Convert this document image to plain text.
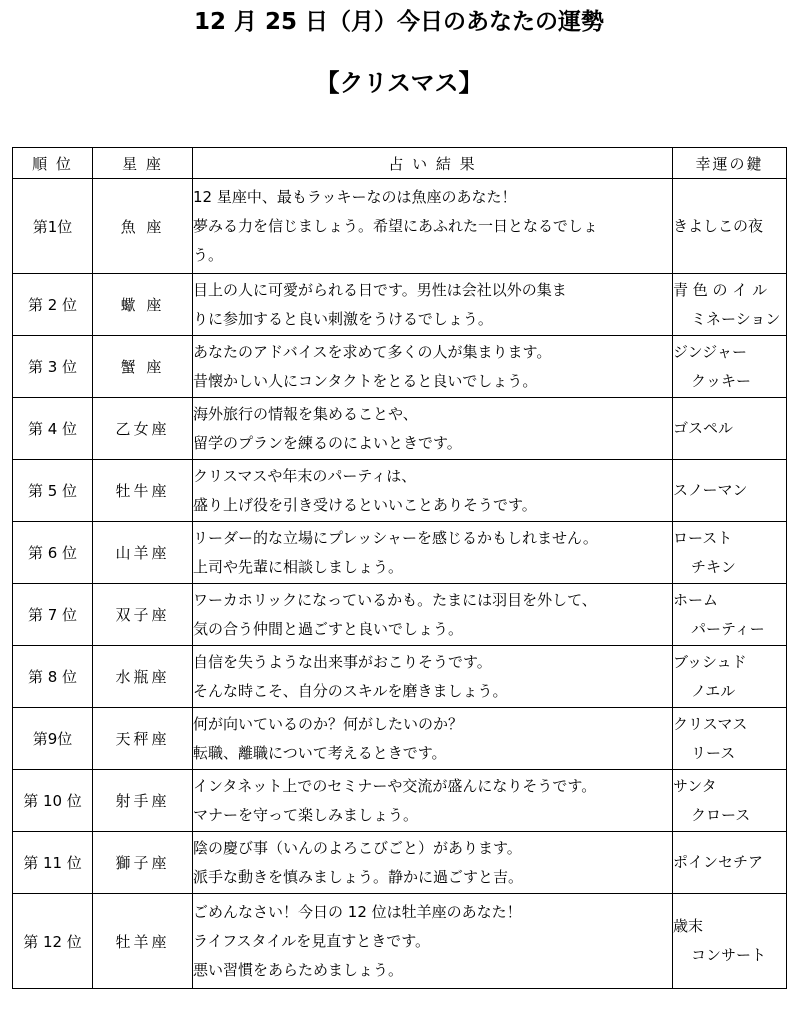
12 月 25 日（月）今日のあなたの運勢
【クリスマス】
順 位	星 座	占 い 結 果	幸運の鍵
第1位	魚 座	12 星座中、最もラッキーなのは魚座のあなた！
夢みる力を信じましょう。希望にあふれた一日となるでしょ
う。	きよしこの夜

第 2 位	蠍 座	目上の人に可愛がられる日です。男性は会社以外の集ま
りに参加すると良い刺激をうけるでしょう。	青 色 の イ ル
ミネーション

第 3 位	蟹 座	あなたのアドバイスを求めて多くの人が集まります。
昔懐かしい人にコンタクトをとると良いでしょう。	ジンジャー
クッキー

第 4 位	乙女座	海外旅行の情報を集めることや、
留学のプランを練るのによいときです。	ゴスペル

第 5 位	牡牛座	クリスマスや年末のパーティは、
盛り上げ役を引き受けるといいことありそうです。	スノーマン

第 6 位	山羊座	リーダー的な立場にプレッシャーを感じるかもしれません。
上司や先輩に相談しましょう。	ロースト
チキン

第 7 位	双子座	ワーカホリックになっているかも。たまには羽目を外して、
気の合う仲間と過ごすと良いでしょう。	ホーム
パーティー

第 8 位	水瓶座	自信を失うような出来事がおこりそうです。
そんな時こそ、自分のスキルを磨きましょう。	ブッシュド
ノエル

第9位	天秤座	何が向いているのか？何がしたいのか？
転職、離職について考えるときです。	クリスマス
リース

第 10 位	射手座	インタネット上でのセミナーや交流が盛んになりそうです。
マナーを守って楽しみましょう。	サンタ
クロース

第 11 位	獅子座	陰の慶び事（いんのよろこびごと）があります。
派手な動きを慎みましょう。静かに過ごすと吉。	ポインセチア

第 12 位	牡羊座	ごめんなさい！今日の 12 位は牡羊座のあなた！
ライフスタイルを見直すときです。
悪い習慣をあらためましょう。	歳末
コンサート
